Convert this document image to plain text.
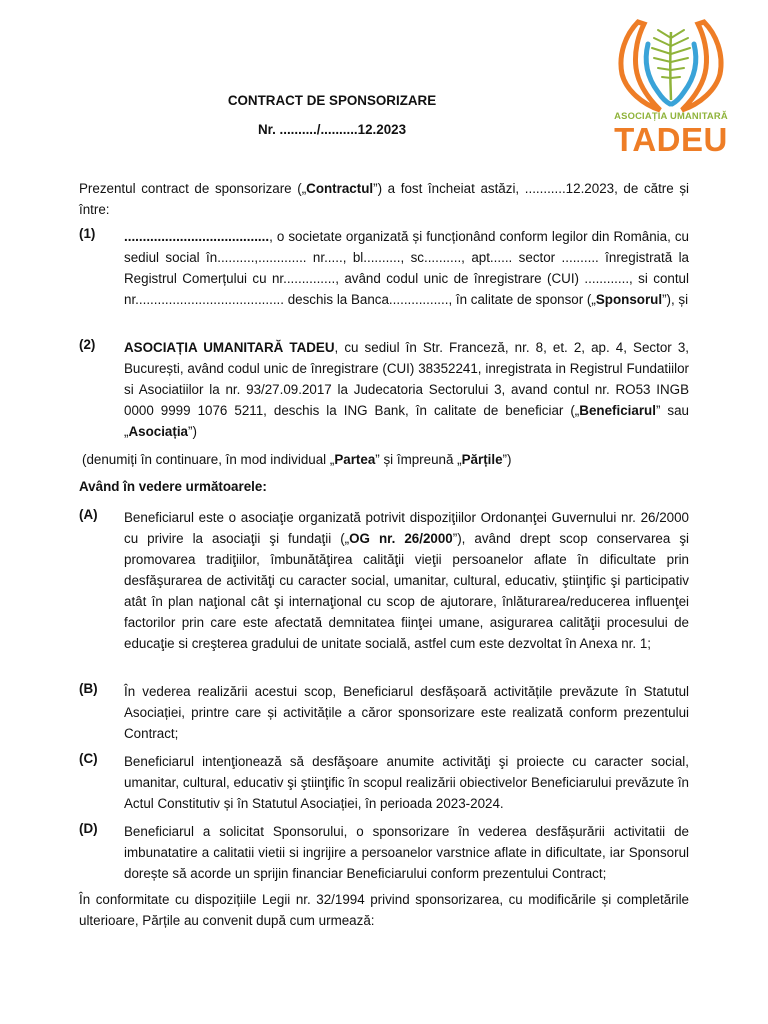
ASOCIAȚIA UMANITARĂ
TADEU
CONTRACT DE SPONSORIZARE
Nr. ........../..........12.2023
Prezentul contract de sponsorizare („Contractul”) a fost încheiat astăzi, ...........12.2023, de către și între:
(1) ......................................., o societate organizată și funcționând conform legilor din România, cu sediul social în..........,............. nr....., bl.........., sc.........., apt...... sector .......... înregistrată la Registrul Comerțului cu nr.............., având codul unic de înregistrare (CUI) ............, si contul nr........................................ deschis la Banca................, în calitate de sponsor („Sponsorul”), și
(2) ASOCIAȚIA UMANITARĂ TADEU, cu sediul în Str. Franceză, nr. 8, et. 2, ap. 4, Sector 3, București, având codul unic de înregistrare (CUI) 38352241, inregistrata in Registrul Fundatiilor si Asociatiilor la nr. 93/27.09.2017 la Judecatoria Sectorului 3, avand contul nr. RO53 INGB 0000 9999 1076 5211, deschis la ING Bank, în calitate de beneficiar („Beneficiarul” sau „Asociația”)
(denumiți în continuare, în mod individual „Partea” și împreună „Părțile”)
Având în vedere următoarele:
(A) Beneficiarul este o asociaţie organizată potrivit dispoziţiilor Ordonanţei Guvernului nr. 26/2000 cu privire la asociaţii şi fundaţii („OG nr. 26/2000”), având drept scop conservarea şi promovarea tradiţiilor, îmbunătăţirea calităţii vieţii persoanelor aflate în dificultate prin desfăşurarea de activităţi cu caracter social, umanitar, cultural, educativ, ştiinţific şi participativ atât în plan naţional cât şi internaţional cu scop de ajutorare, înlăturarea/reducerea influenţei factorilor prin care este afectată demnitatea fiinţei umane, asigurarea calităţii procesului de educaţie si creşterea gradului de unitate socială, astfel cum este dezvoltat în Anexa nr. 1;
(B) În vederea realizării acestui scop, Beneficiarul desfășoară activitățile prevăzute în Statutul Asociației, printre care și activitățile a căror sponsorizare este realizată conform prezentului Contract;
(C) Beneficiarul intenţionează să desfăşoare anumite activităţi şi proiecte cu caracter social, umanitar, cultural, educativ şi ştiinţific în scopul realizării obiectivelor Beneficiarului prevăzute în Actul Constitutiv și în Statutul Asociației, în perioada 2023-2024.
(D) Beneficiarul a solicitat Sponsorului, o sponsorizare în vederea desfășurării activitatii de imbunatatire a calitatii vietii si ingrijire a persoanelor varstnice aflate in dificultate, iar Sponsorul dorește să acorde un sprijin financiar Beneficiarului conform prezentului Contract;
În conformitate cu dispozițiile Legii nr. 32/1994 privind sponsorizarea, cu modificările și completările ulterioare, Părțile au convenit după cum urmează:
